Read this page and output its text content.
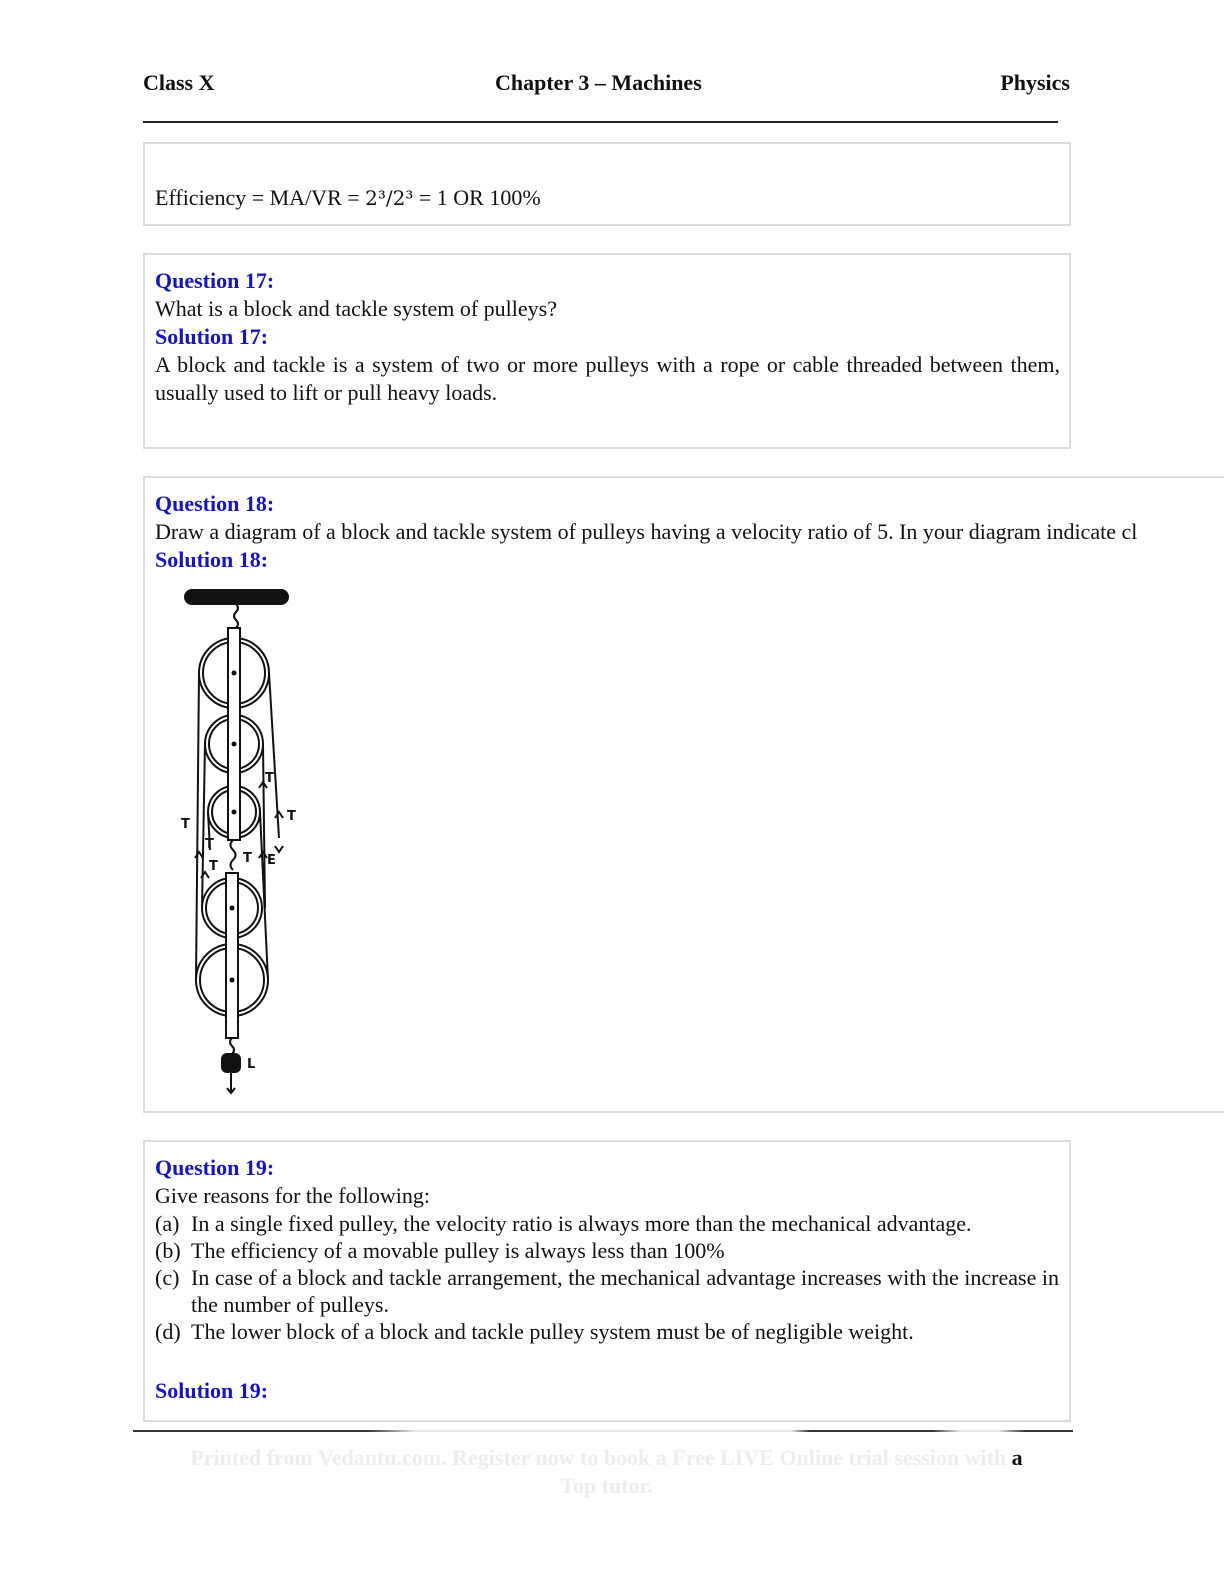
Class X	Chapter 3 – Machines	Physics
Efficiency = MA/VR = 2³/2³ = 1 OR 100%
Question 17:
What is a block and tackle system of pulleys?
Solution 17:
A block and tackle is a system of two or more pulleys with a rope or cable threaded between them, usually used to lift or pull heavy loads.
Question 18:
Draw a diagram of a block and tackle system of pulleys having a velocity ratio of 5. In your diagram indicate cl
Solution 18:
T
T
T
T
T
T
E
L
Question 19:
Give reasons for the following:
(a) In a single fixed pulley, the velocity ratio is always more than the mechanical advantage.
(b) The efficiency of a movable pulley is always less than 100%
(c) In case of a block and tackle arrangement, the mechanical advantage increases with the increase in the number of pulleys.
(d) The lower block of a block and tackle pulley system must be of negligible weight.
Solution 19:
Printed from Vedantu.com. Register now to book a Free LIVE Online trial session with a
Top tutor.
